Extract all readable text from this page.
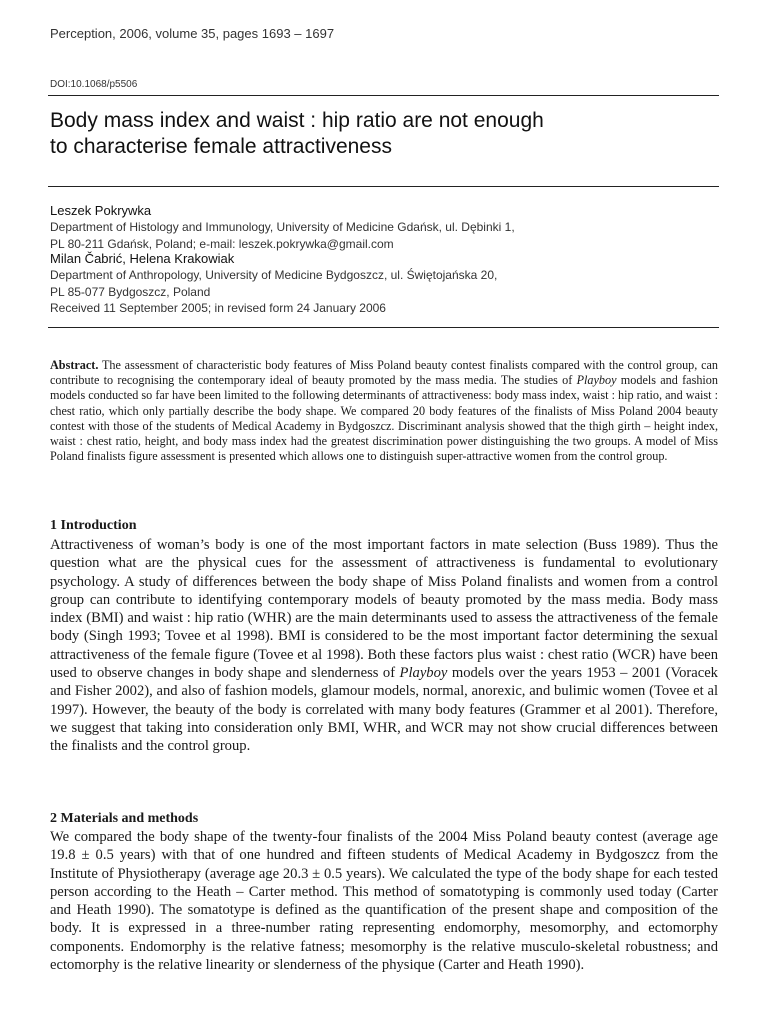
Perception, 2006, volume 35, pages 1693 – 1697
DOI:10.1068/p5506
Body mass index and waist : hip ratio are not enough
to characterise female attractiveness
Leszek Pokrywka
Department of Histology and Immunology, University of Medicine Gdańsk, ul. Dębinki 1,
PL 80-211 Gdańsk, Poland; e-mail: leszek.pokrywka@gmail.com
Milan Čabrić, Helena Krakowiak
Department of Anthropology, University of Medicine Bydgoszcz, ul. Świętojańska 20,
PL 85-077 Bydgoszcz, Poland
Received 11 September 2005; in revised form 24 January 2006

Abstract. The assessment of characteristic body features of Miss Poland beauty contest finalists compared with the control group, can contribute to recognising the contemporary ideal of beauty promoted by the mass media. The studies of Playboy models and fashion models conducted so far have been limited to the following determinants of attractiveness: body mass index, waist : hip ratio, and waist : chest ratio, which only partially describe the body shape. We compared 20 body features of the finalists of Miss Poland 2004 beauty contest with those of the students of Medical Academy in Bydgoszcz. Discriminant analysis showed that the thigh girth – height index, waist : chest ratio, height, and body mass index had the greatest discrimination power distinguishing the two groups. A model of Miss Poland finalists figure assessment is presented which allows one to distinguish super-attractive women from the control group.

1 Introduction

Attractiveness of woman’s body is one of the most important factors in mate selection (Buss 1989). Thus the question what are the physical cues for the assessment of attractiveness is fundamental to evolutionary psychology. A study of differences between the body shape of Miss Poland finalists and women from a control group can contribute to identifying contemporary models of beauty promoted by the mass media. Body mass index (BMI) and waist : hip ratio (WHR) are the main determinants used to assess the attractiveness of the female body (Singh 1993; Tovee et al 1998). BMI is considered to be the most important factor determining the sexual attractiveness of the female figure (Tovee et al 1998). Both these factors plus waist : chest ratio (WCR) have been used to observe changes in body shape and slenderness of Playboy models over the years 1953 – 2001 (Voracek and Fisher 2002), and also of fashion models, glamour models, normal, anorexic, and bulimic women (Tovee et al 1997). However, the beauty of the body is correlated with many body features (Grammer et al 2001). Therefore, we suggest that taking into consideration only BMI, WHR, and WCR may not show crucial differences between the finalists and the control group.

2 Materials and methods

We compared the body shape of the twenty-four finalists of the 2004 Miss Poland beauty contest (average age 19.8 ± 0.5 years) with that of one hundred and fifteen students of Medical Academy in Bydgoszcz from the Institute of Physiotherapy (average age 20.3 ± 0.5 years). We calculated the type of the body shape for each tested person according to the Heath – Carter method. This method of somatotyping is commonly used today (Carter and Heath 1990). The somatotype is defined as the quantification of the present shape and composition of the body. It is expressed in a three-number rating representing endomorphy, mesomorphy, and ectomorphy components. Endomorphy is the relative fatness; mesomorphy is the relative musculo-skeletal robustness; and ectomorphy is the relative linearity or slenderness of the physique (Carter and Heath 1990).
